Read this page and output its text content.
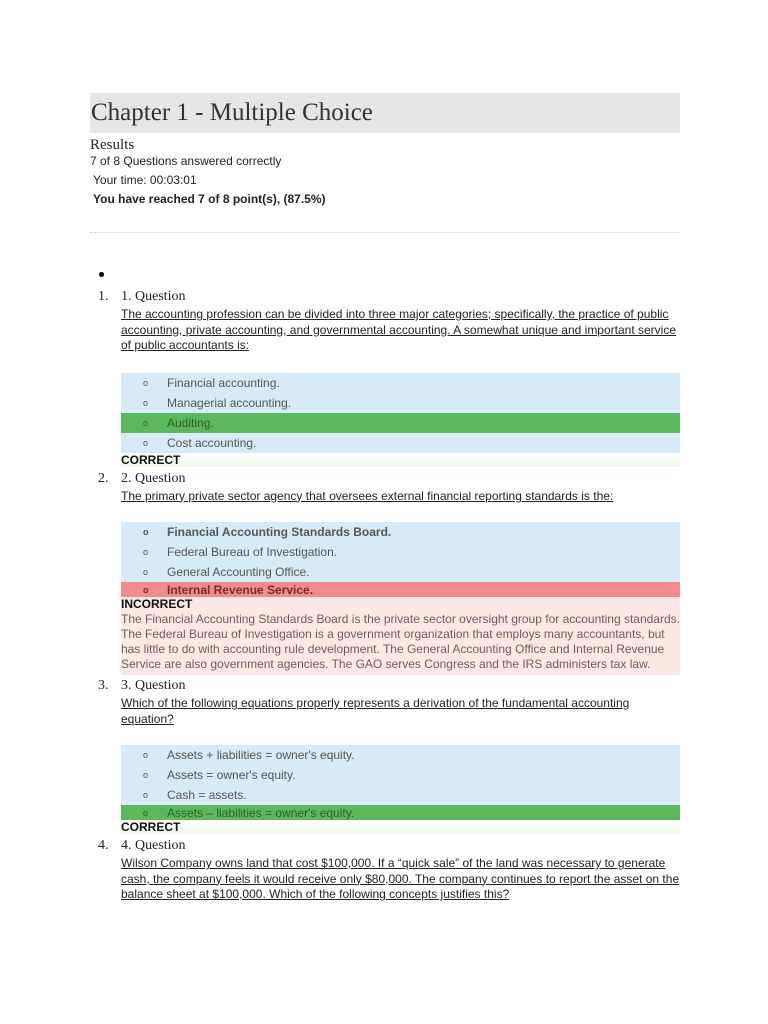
Chapter 1 - Multiple Choice
Results
7 of 8 Questions answered correctly
Your time: 00:03:01
You have reached 7 of 8 point(s), (87.5%)
1. 1. Question
The accounting profession can be divided into three major categories; specifically, the practice of public accounting, private accounting, and governmental accounting. A somewhat unique and important service of public accountants is:
o	Financial accounting.
o	Managerial accounting.
o	Auditing.
o	Cost accounting.
CORRECT
2. 2. Question
The primary private sector agency that oversees external financial reporting standards is the:
o	Financial Accounting Standards Board.
o	Federal Bureau of Investigation.
o	General Accounting Office.
o	Internal Revenue Service.
INCORRECT
The Financial Accounting Standards Board is the private sector oversight group for accounting standards. The Federal Bureau of Investigation is a government organization that employs many accountants, but has little to do with accounting rule development. The General Accounting Office and Internal Revenue Service are also government agencies. The GAO serves Congress and the IRS administers tax law.
3. 3. Question
Which of the following equations properly represents a derivation of the fundamental accounting equation?
o	Assets + liabilities = owner's equity.
o	Assets = owner's equity.
o	Cash = assets.
o	Assets – liabilities = owner's equity.
CORRECT
4. 4. Question
Wilson Company owns land that cost $100,000. If a “quick sale” of the land was necessary to generate cash, the company feels it would receive only $80,000. The company continues to report the asset on the balance sheet at $100,000. Which of the following concepts justifies this?
